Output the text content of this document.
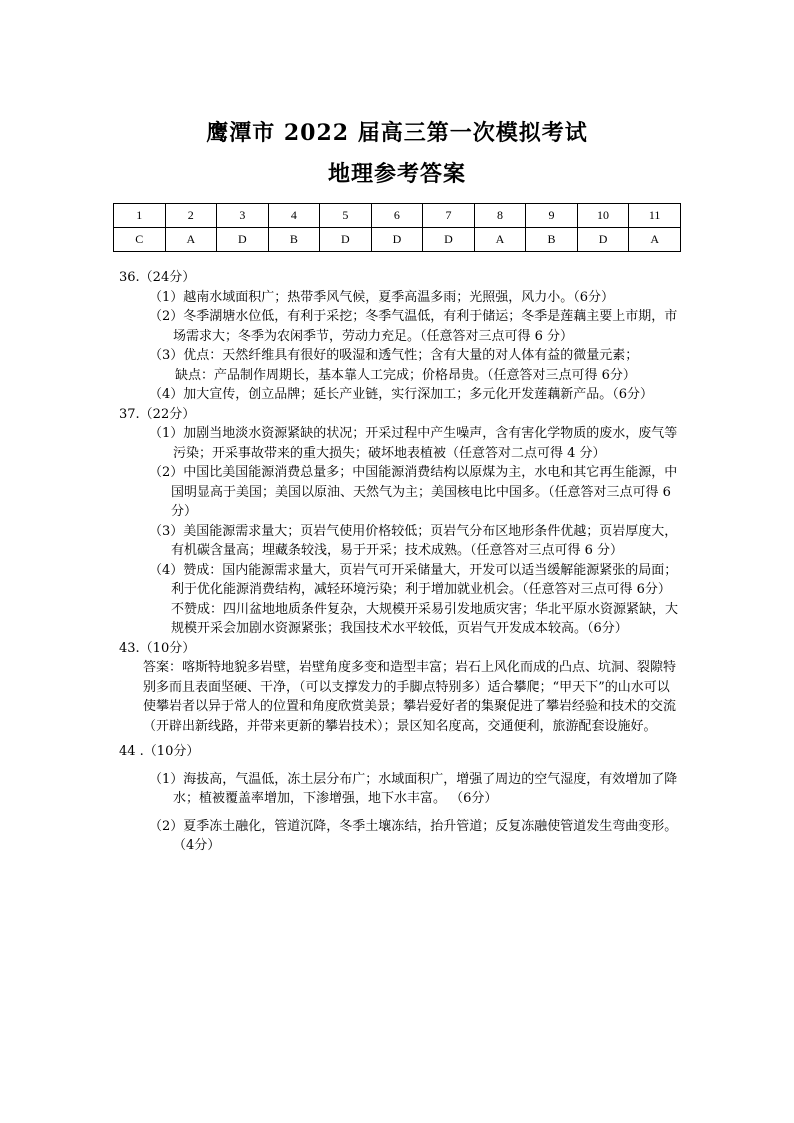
鹰潭市 2022 届高三第一次模拟考试
地理参考答案
1	2	3	4	5	6	7	8	9	10	11
C	A	D	B	D	D	D	A	B	D	A

36.（24分）

（1）越南水域面积广；热带季风气候，夏季高温多雨；光照强，风力小。（6分）

（2）冬季湖塘水位低，有利于采挖；冬季气温低，有利于储运；冬季是莲藕主要上市期，市场需求大；冬季为农闲季节，劳动力充足。（任意答对三点可得 6 分）

（3）优点：天然纤维具有很好的吸湿和透气性；含有大量的对人体有益的微量元素；

缺点：产品制作周期长，基本靠人工完成；价格昂贵。（任意答对三点可得 6分）

（4）加大宣传，创立品牌；延长产业链，实行深加工；多元化开发莲藕新产品。（6分）

37.（22分）

（1）加剧当地淡水资源紧缺的状况；开采过程中产生噪声，含有害化学物质的废水，废气等污染；开采事故带来的重大损失；破坏地表植被（任意答对二点可得 4 分）

（2）中国比美国能源消费总量多；中国能源消费结构以原煤为主，水电和其它再生能源，中国明显高于美国；美国以原油、天然气为主；美国核电比中国多。（任意答对三点可得 6分）

（3）美国能源需求量大；页岩气使用价格较低；页岩气分布区地形条件优越；页岩厚度大，有机碳含量高；埋藏条较浅，易于开采；技术成熟。（任意答对三点可得 6 分）

（4）赞成：国内能源需求量大，页岩气可开采储量大，开发可以适当缓解能源紧张的局面；利于优化能源消费结构，减轻环境污染；利于增加就业机会。（任意答对三点可得 6分）

不赞成：四川盆地地质条件复杂，大规模开采易引发地质灾害；华北平原水资源紧缺，大规模开采会加剧水资源紧张；我国技术水平较低，页岩气开发成本较高。（6分）

43.（10分）

答案：喀斯特地貌多岩壁，岩壁角度多变和造型丰富；岩石上风化而成的凸点、坑洞、裂隙特别多而且表面坚硬、干净，（可以支撑发力的手脚点特别多）适合攀爬；“甲天下”的山水可以使攀岩者以异于常人的位置和角度欣赏美景；攀岩爱好者的集聚促进了攀岩经验和技术的交流（开辟出新线路，并带来更新的攀岩技术）；景区知名度高，交通便利，旅游配套设施好。

44 .（10分）

（1）海拔高，气温低，冻土层分布广；水域面积广，增强了周边的空气湿度，有效增加了降水；植被覆盖率增加，下渗增强，地下水丰富。 （6分）

（2）夏季冻土融化，管道沉降，冬季土壤冻结，抬升管道；反复冻融使管道发生弯曲变形。（4分）
